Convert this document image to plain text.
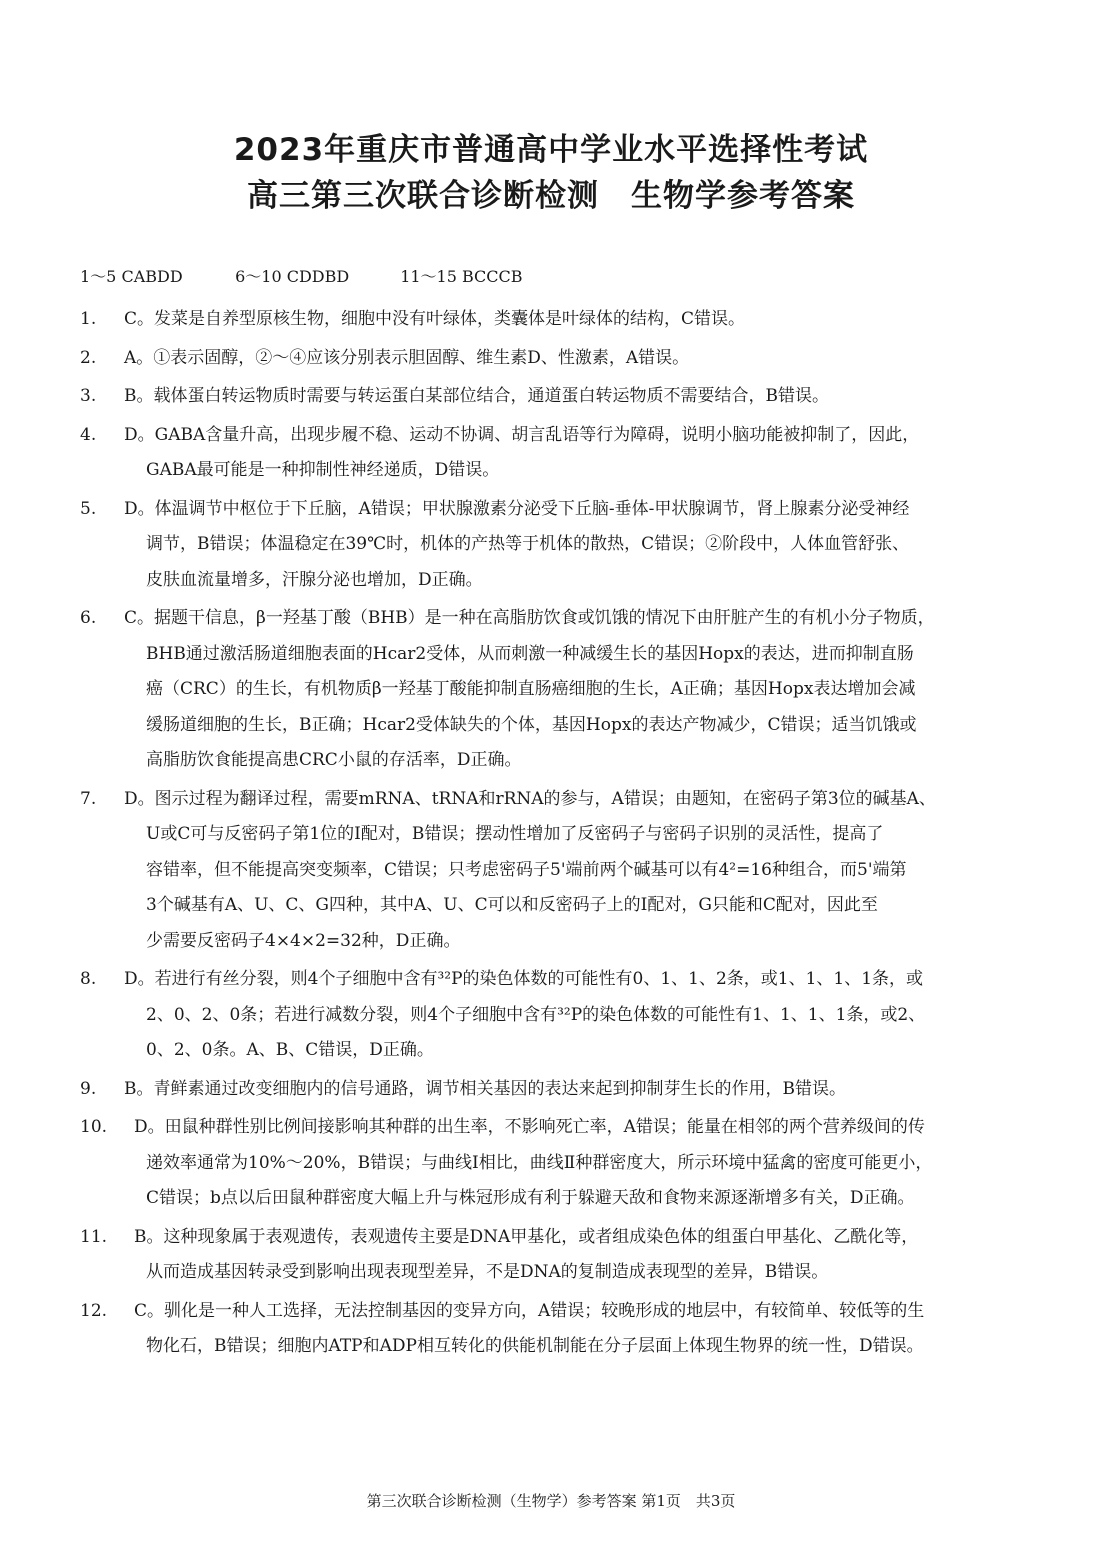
2023年重庆市普通高中学业水平选择性考试
高三第三次联合诊断检测　生物学参考答案
1～5 CABDD	6～10 CDDBD	11～15 BCCCB
1. C。发菜是自养型原核生物，细胞中没有叶绿体，类囊体是叶绿体的结构，C错误。
2. A。①表示固醇，②～④应该分别表示胆固醇、维生素D、性激素，A错误。
3. B。载体蛋白转运物质时需要与转运蛋白某部位结合，通道蛋白转运物质不需要结合，B错误。
4. D。GABA含量升高，出现步履不稳、运动不协调、胡言乱语等行为障碍，说明小脑功能被抑制了，因此，
GABA最可能是一种抑制性神经递质，D错误。
5. D。体温调节中枢位于下丘脑，A错误；甲状腺激素分泌受下丘脑-垂体-甲状腺调节，肾上腺素分泌受神经
调节，B错误；体温稳定在39℃时，机体的产热等于机体的散热，C错误；②阶段中，人体血管舒张、
皮肤血流量增多，汗腺分泌也增加，D正确。
6. C。据题干信息，β一羟基丁酸（BHB）是一种在高脂肪饮食或饥饿的情况下由肝脏产生的有机小分子物质，
BHB通过激活肠道细胞表面的Hcar2受体，从而刺激一种减缓生长的基因Hopx的表达，进而抑制直肠
癌（CRC）的生长，有机物质β一羟基丁酸能抑制直肠癌细胞的生长，A正确；基因Hopx表达增加会减
缓肠道细胞的生长，B正确；Hcar2受体缺失的个体，基因Hopx的表达产物减少，C错误；适当饥饿或
高脂肪饮食能提高患CRC小鼠的存活率，D正确。
7. D。图示过程为翻译过程，需要mRNA、tRNA和rRNA的参与，A错误；由题知，在密码子第3位的碱基A、
U或C可与反密码子第1位的I配对，B错误；摆动性增加了反密码子与密码子识别的灵活性，提高了
容错率，但不能提高突变频率，C错误；只考虑密码子5'端前两个碱基可以有4²=16种组合，而5'端第
3个碱基有A、U、C、G四种，其中A、U、C可以和反密码子上的I配对，G只能和C配对，因此至
少需要反密码子4×4×2=32种，D正确。
8. D。若进行有丝分裂，则4个子细胞中含有³²P的染色体数的可能性有0、1、1、2条，或1、1、1、1条，或
2、0、2、0条；若进行减数分裂，则4个子细胞中含有³²P的染色体数的可能性有1、1、1、1条，或2、
0、2、0条。A、B、C错误，D正确。
9. B。青鲜素通过改变细胞内的信号通路，调节相关基因的表达来起到抑制芽生长的作用，B错误。
10. D。田鼠种群性别比例间接影响其种群的出生率，不影响死亡率，A错误；能量在相邻的两个营养级间的传
递效率通常为10%～20%，B错误；与曲线Ⅰ相比，曲线Ⅱ种群密度大，所示环境中猛禽的密度可能更小，
C错误；b点以后田鼠种群密度大幅上升与株冠形成有利于躲避天敌和食物来源逐渐增多有关，D正确。
11. B。这种现象属于表观遗传，表观遗传主要是DNA甲基化，或者组成染色体的组蛋白甲基化、乙酰化等，
从而造成基因转录受到影响出现表现型差异，不是DNA的复制造成表现型的差异，B错误。
12. C。驯化是一种人工选择，无法控制基因的变异方向，A错误；较晚形成的地层中，有较简单、较低等的生
物化石，B错误；细胞内ATP和ADP相互转化的供能机制能在分子层面上体现生物界的统一性，D错误。
第三次联合诊断检测（生物学）参考答案 第1页　共3页
